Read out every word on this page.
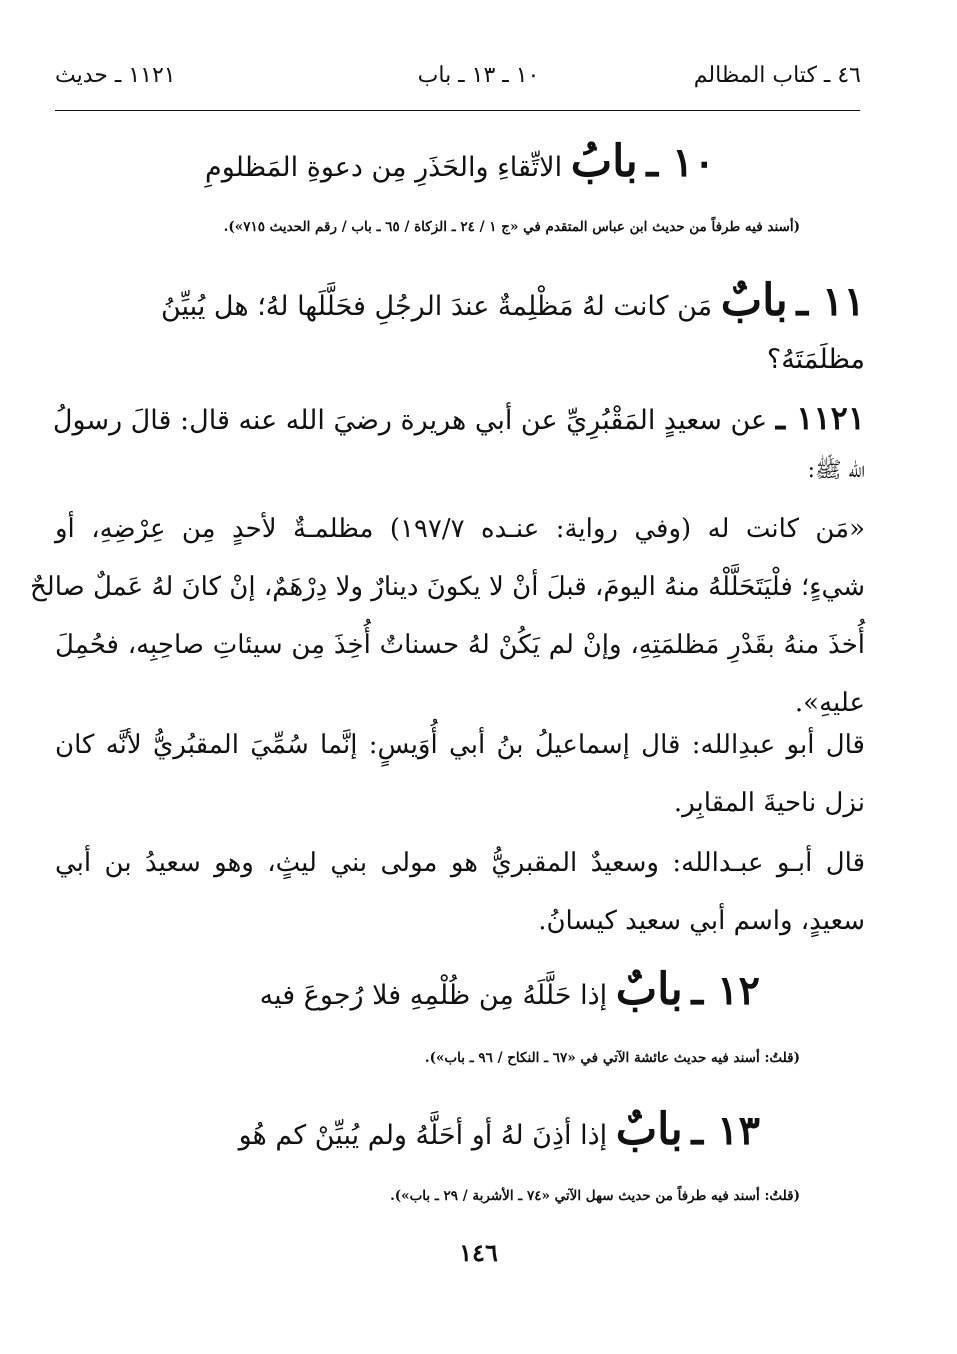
٤٦ ـ كتاب المظالم
١٠ ـ ١٣ ـ باب
١١٢١ ـ حديث
١٠ ـ بابُ الاتِّقاءِ والحَذَرِ مِن دعوةِ المَظلومِ
(أسند فيه طرفاً من حديث ابن عباس المتقدم في «ج ١ / ٢٤ ـ الزكاة / ٦٥ ـ باب / رقم الحديث ٧١٥»).
١١ ـ بابٌ مَن كانت لهُ مَظْلِمةٌ عندَ الرجُلِ فحَلَّلَها لهُ؛ هل يُبيِّنُ
مظلَمَتَهُ؟
١١٢١ ـ عن سعيدٍ المَقْبُرِيِّ عن أبي هريرة رضيَ الله عنه قال: قالَ رسولُ
الله ﷺ:
«مَن كانت له (وفي رواية: عنـده ١٩٧/٧) مظلمـةٌ لأحدٍ مِن عِرْضِهِ، أو
شيءٍ؛ فلْيَتَحَلَّلْهُ منهُ اليومَ، قبلَ أنْ لا يكونَ دينارٌ ولا دِرْهَمٌ، إنْ كانَ لهُ عَملٌ صالحٌ
أُخذَ منهُ بقَدْرِ مَظلمَتِهِ، وإنْ لم يَكُنْ لهُ حسناتٌ أُخِذَ مِن سيئاتِ صاحِبِه، فحُمِلَ
عليهِ».
قال أبو عبدِالله: قال إسماعيلُ بنُ أبي أُوَيسٍ: إنَّما سُمِّيَ المقبُريُّ لأنَّه كان
نزل ناحيةَ المقابِر.
قال أبـو عبـدالله: وسعيدٌ المقبريُّ هو مولى بني ليثٍ، وهو سعيدُ بن أبي
سعيدٍ، واسم أبي سعيد كيسانُ.
١٢ ـ بابٌ إذا حَلَّلَهُ مِن ظُلْمِهِ فلا رُجوعَ فيه
(قلتُ: أسند فيه حديث عائشة الآتي في «٦٧ ـ النكاح / ٩٦ ـ باب»).
١٣ ـ بابٌ إذا أذِنَ لهُ أو أحَلَّهُ ولم يُبيِّنْ كم هُو
(قلتُ: أسند فيه طرفاً من حديث سهل الآتي «٧٤ ـ الأشربة / ٢٩ ـ باب»).
١٤٦
